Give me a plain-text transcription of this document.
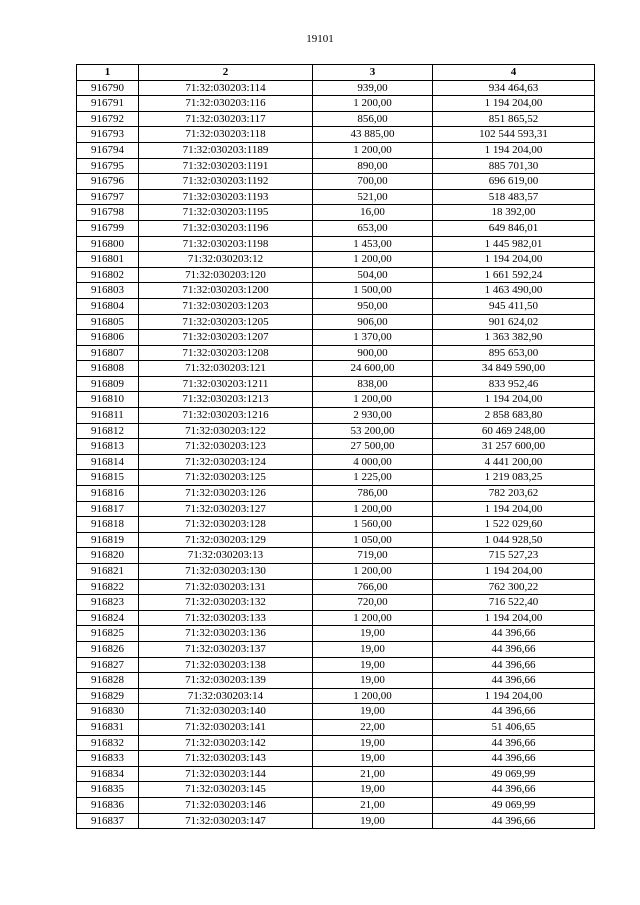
19101
1	2	3	4
916790	71:32:030203:114	939,00	934 464,63
916791	71:32:030203:116	1 200,00	1 194 204,00
916792	71:32:030203:117	856,00	851 865,52
916793	71:32:030203:118	43 885,00	102 544 593,31
916794	71:32:030203:1189	1 200,00	1 194 204,00
916795	71:32:030203:1191	890,00	885 701,30
916796	71:32:030203:1192	700,00	696 619,00
916797	71:32:030203:1193	521,00	518 483,57
916798	71:32:030203:1195	16,00	18 392,00
916799	71:32:030203:1196	653,00	649 846,01
916800	71:32:030203:1198	1 453,00	1 445 982,01
916801	71:32:030203:12	1 200,00	1 194 204,00
916802	71:32:030203:120	504,00	1 661 592,24
916803	71:32:030203:1200	1 500,00	1 463 490,00
916804	71:32:030203:1203	950,00	945 411,50
916805	71:32:030203:1205	906,00	901 624,02
916806	71:32:030203:1207	1 370,00	1 363 382,90
916807	71:32:030203:1208	900,00	895 653,00
916808	71:32:030203:121	24 600,00	34 849 590,00
916809	71:32:030203:1211	838,00	833 952,46
916810	71:32:030203:1213	1 200,00	1 194 204,00
916811	71:32:030203:1216	2 930,00	2 858 683,80
916812	71:32:030203:122	53 200,00	60 469 248,00
916813	71:32:030203:123	27 500,00	31 257 600,00
916814	71:32:030203:124	4 000,00	4 441 200,00
916815	71:32:030203:125	1 225,00	1 219 083,25
916816	71:32:030203:126	786,00	782 203,62
916817	71:32:030203:127	1 200,00	1 194 204,00
916818	71:32:030203:128	1 560,00	1 522 029,60
916819	71:32:030203:129	1 050,00	1 044 928,50
916820	71:32:030203:13	719,00	715 527,23
916821	71:32:030203:130	1 200,00	1 194 204,00
916822	71:32:030203:131	766,00	762 300,22
916823	71:32:030203:132	720,00	716 522,40
916824	71:32:030203:133	1 200,00	1 194 204,00
916825	71:32:030203:136	19,00	44 396,66
916826	71:32:030203:137	19,00	44 396,66
916827	71:32:030203:138	19,00	44 396,66
916828	71:32:030203:139	19,00	44 396,66
916829	71:32:030203:14	1 200,00	1 194 204,00
916830	71:32:030203:140	19,00	44 396,66
916831	71:32:030203:141	22,00	51 406,65
916832	71:32:030203:142	19,00	44 396,66
916833	71:32:030203:143	19,00	44 396,66
916834	71:32:030203:144	21,00	49 069,99
916835	71:32:030203:145	19,00	44 396,66
916836	71:32:030203:146	21,00	49 069,99
916837	71:32:030203:147	19,00	44 396,66
